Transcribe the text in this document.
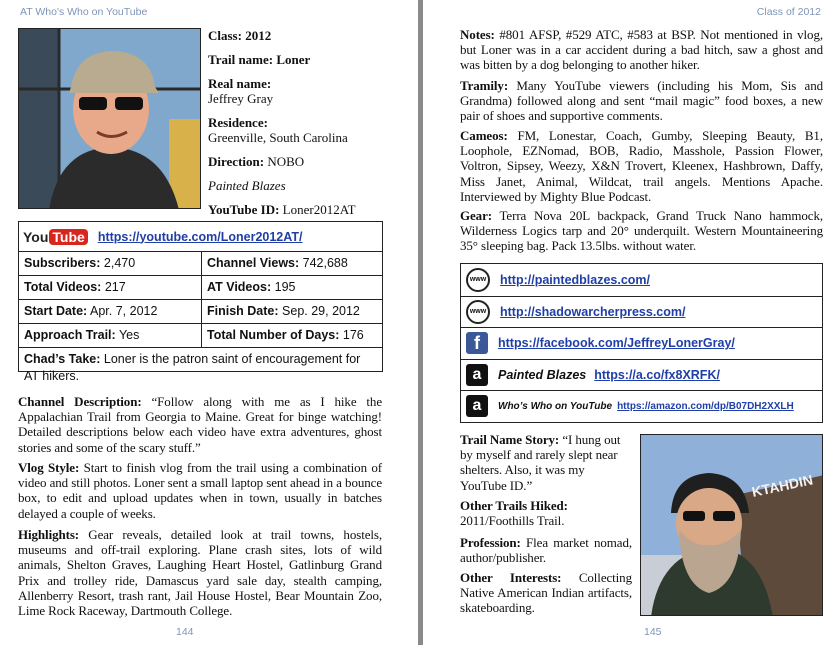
AT Who's Who on YouTube
Class: 2012
Trail name: Loner
Real name:
Jeffrey Gray
Residence:
Greenville, South Carolina
Direction: NOBO
Painted Blazes
YouTube ID: Loner2012AT
You Tube https://youtube.com/Loner2012AT/
Subscribers: 2,470	Channel Views: 742,688
Total Videos: 217	AT Videos: 195
Start Date: Apr. 7, 2012	Finish Date: Sep. 29, 2012
Approach Trail: Yes	Total Number of Days: 176
Chad’s Take: Loner is the patron saint of encouragement for AT hikers.
Channel Description: “Follow along with me as I hike the Appalachian Trail from Georgia to Maine. Great for binge watching! Detailed descriptions below each video have extra adventures, ghost stories and some of the scary stuff.”
Vlog Style: Start to finish vlog from the trail using a combination of video and still photos. Loner sent a small laptop sent ahead in a bounce box, to edit and upload updates when in town, usually in batches delayed a couple of weeks.
Highlights: Gear reveals, detailed look at trail towns, hostels, museums and off-trail exploring. Plane crash sites, lots of wild animals, Shelton Graves, Laughing Heart Hostel, Gatlinburg Grand Prix and trolley ride, Damascus yard sale day, stealth camping, Allenberry Resort, trash rant, Jail House Hostel, Bear Mountain Zoo, Lime Rock Raceway, Dartmouth College.
144
Class of 2012
145
Notes: #801 AFSP, #529 ATC, #583 at BSP. Not mentioned in vlog, but Loner was in a car accident during a bad hitch, saw a ghost and was bitten by a dog belonging to another hiker.
Tramily: Many YouTube viewers (including his Mom, Sis and Grandma) followed along and sent “mail magic” food boxes, a new pair of shoes and supportive comments.
Cameos: FM, Lonestar, Coach, Gumby, Sleeping Beauty, B1, Loophole, EZNomad, BOB, Radio, Masshole, Passion Flower, Voltron, Sipsey, Weezy, X&N Trovert, Kleenex, Hashbrown, Daffy, Miss Janet, Animal, Wildcat, trail angels. Mentions Apache. Interviewed by Mighty Blue Podcast.
Gear: Terra Nova 20L backpack, Grand Truck Nano hammock, Wilderness Logics tarp and 20° underquilt. Western Mountaineering 35° sleeping bag. Pack 13.5lbs. without water.
www	http://paintedblazes.com/
www	http://shadowarcherpress.com/
f	https://facebook.com/JeffreyLonerGray/
a	Painted Blazes https://a.co/fx8XRFK/
a	Who’s Who on YouTube https://amazon.com/dp/B07DH2XXLH
KTAHDIN
Trail Name Story: “I hung out by myself and rarely slept near shelters. Also, it was my YouTube ID.”
Other Trails Hiked:
2011/Foothills Trail.
Profession: Flea market nomad, author/publisher.
Other Interests: Collecting Native American Indian artifacts, skateboarding.
